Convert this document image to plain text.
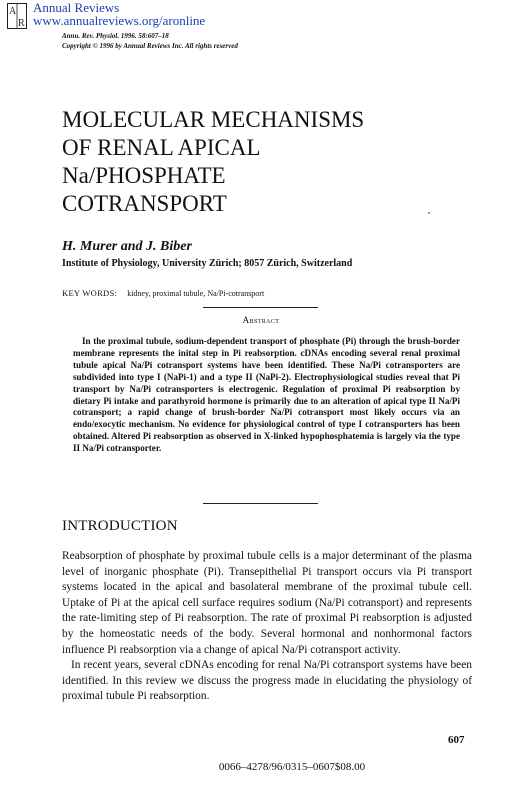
A
R
Annual Reviews
www.annualreviews.org/aronline
Annu. Rev. Physiol. 1996. 58:607–18
Copyright © 1996 by Annual Reviews Inc. All rights reserved
MOLECULAR MECHANISMS
OF RENAL APICAL
Na/PHOSPHATE
COTRANSPORT
H. Murer and J. Biber
Institute of Physiology, University Zürich; 8057 Zürich, Switzerland
KEY WORDS: kidney, proximal tubule, Na/Pi-cotransport
Abstract

In the proximal tubule, sodium-dependent transport of phosphate (Pi) through the brush-border membrane represents the inital step in Pi reabsorption. cDNAs encoding several renal proximal tubule apical Na/Pi cotransport systems have been identified. These Na/Pi cotransporters are subdivided into type I (NaPi-1) and a type II (NaPi-2). Electrophysiological studies reveal that Pi transport by Na/Pi cotransporters is electrogenic. Regulation of proximal Pi reabsorption by dietary Pi intake and parathyroid hormone is primarily due to an alteration of apical type II Na/Pi cotransport; a rapid change of brush-border Na/Pi cotransport most likely occurs via an endo/exocytic mechanism. No evidence for physiological control of type I cotransporters has been obtained. Altered Pi reabsorption as observed in X-linked hypophosphatemia is largely via the type II Na/Pi cotransporter.

INTRODUCTION

Reabsorption of phosphate by proximal tubule cells is a major determinant of the plasma level of inorganic phosphate (Pi). Transepithelial Pi transport occurs via Pi transport systems located in the apical and basolateral membrane of the proximal tubule cell. Uptake of Pi at the apical cell surface requires sodium (Na/Pi cotransport) and represents the rate-limiting step of Pi reabsorption. The rate of proximal Pi reabsorption is adjusted by the homeostatic needs of the body. Several hormonal and nonhormonal factors influence Pi reabsorption via a change of apical Na/Pi cotransport activity.

In recent years, several cDNAs encoding for renal Na/Pi cotransport systems have been identified. In this review we discuss the progress made in elucidating the physiology of proximal tubule Pi reabsorption.

607
0066–4278/96/0315–0607$08.00
